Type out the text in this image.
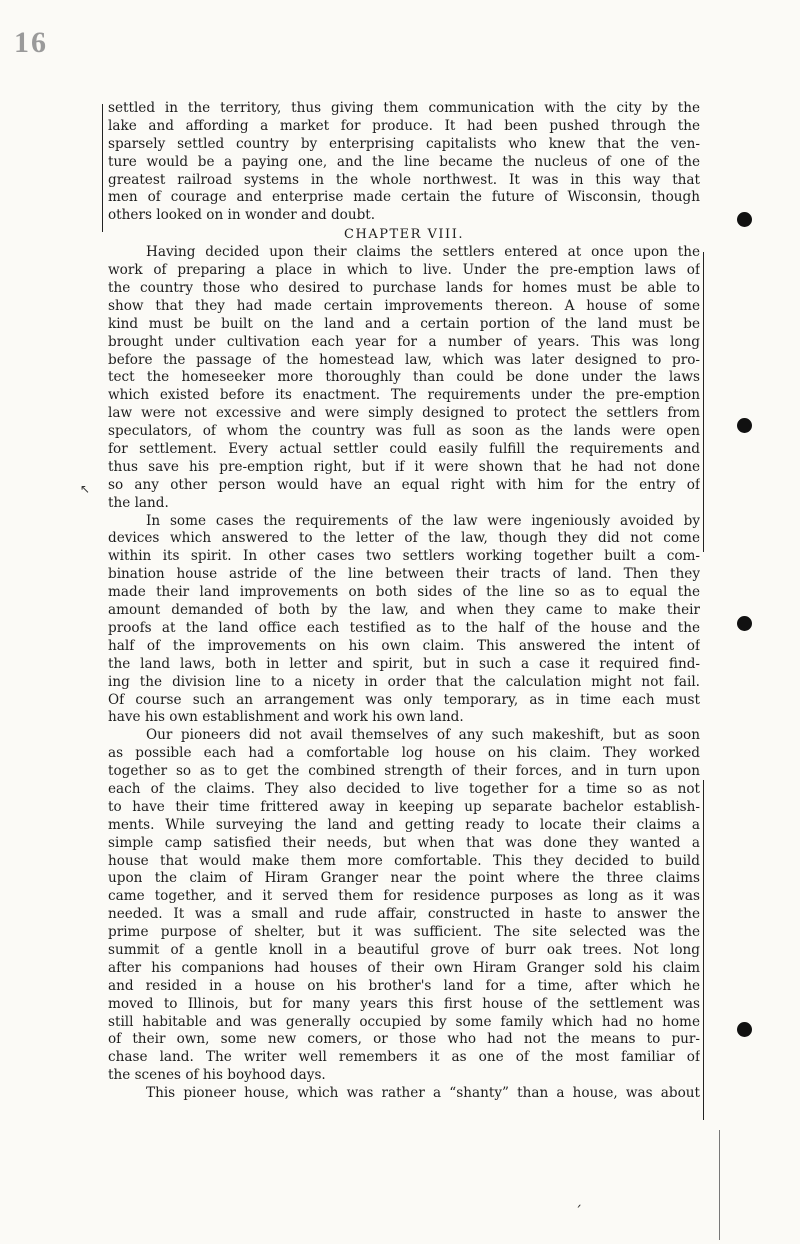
16
settled in the territory, thus giving them communication with the city by the
lake and affording a market for produce. It had been pushed through the
sparsely settled country by enterprising capitalists who knew that the ven-
ture would be a paying one, and the line became the nucleus of one of the
greatest railroad systems in the whole northwest. It was in this way that
men of courage and enterprise made certain the future of Wisconsin, though
others looked on in wonder and doubt.
CHAPTER VIII.
Having decided upon their claims the settlers entered at once upon the
work of preparing a place in which to live. Under the pre-emption laws of
the country those who desired to purchase lands for homes must be able to
show that they had made certain improvements thereon. A house of some
kind must be built on the land and a certain portion of the land must be
brought under cultivation each year for a number of years. This was long
before the passage of the homestead law, which was later designed to pro-
tect the homeseeker more thoroughly than could be done under the laws
which existed before its enactment. The requirements under the pre-emption
law were not excessive and were simply designed to protect the settlers from
speculators, of whom the country was full as soon as the lands were open
for settlement. Every actual settler could easily fulfill the requirements and
thus save his pre-emption right, but if it were shown that he had not done
so any other person would have an equal right with him for the entry of
the land.
In some cases the requirements of the law were ingeniously avoided by
devices which answered to the letter of the law, though they did not come
within its spirit. In other cases two settlers working together built a com-
bination house astride of the line between their tracts of land. Then they
made their land improvements on both sides of the line so as to equal the
amount demanded of both by the law, and when they came to make their
proofs at the land office each testified as to the half of the house and the
half of the improvements on his own claim. This answered the intent of
the land laws, both in letter and spirit, but in such a case it required find-
ing the division line to a nicety in order that the calculation might not fail.
Of course such an arrangement was only temporary, as in time each must
have his own establishment and work his own land.
Our pioneers did not avail themselves of any such makeshift, but as soon
as possible each had a comfortable log house on his claim. They worked
together so as to get the combined strength of their forces, and in turn upon
each of the claims. They also decided to live together for a time so as not
to have their time frittered away in keeping up separate bachelor establish-
ments. While surveying the land and getting ready to locate their claims a
simple camp satisfied their needs, but when that was done they wanted a
house that would make them more comfortable. This they decided to build
upon the claim of Hiram Granger near the point where the three claims
came together, and it served them for residence purposes as long as it was
needed. It was a small and rude affair, constructed in haste to answer the
prime purpose of shelter, but it was sufficient. The site selected was the
summit of a gentle knoll in a beautiful grove of burr oak trees. Not long
after his companions had houses of their own Hiram Granger sold his claim
and resided in a house on his brother's land for a time, after which he
moved to Illinois, but for many years this first house of the settlement was
still habitable and was generally occupied by some family which had no home
of their own, some new comers, or those who had not the means to pur-
chase land. The writer well remembers it as one of the most familiar of
the scenes of his boyhood days.
This pioneer house, which was rather a “shanty” than a house, was about
↖
ˏ
